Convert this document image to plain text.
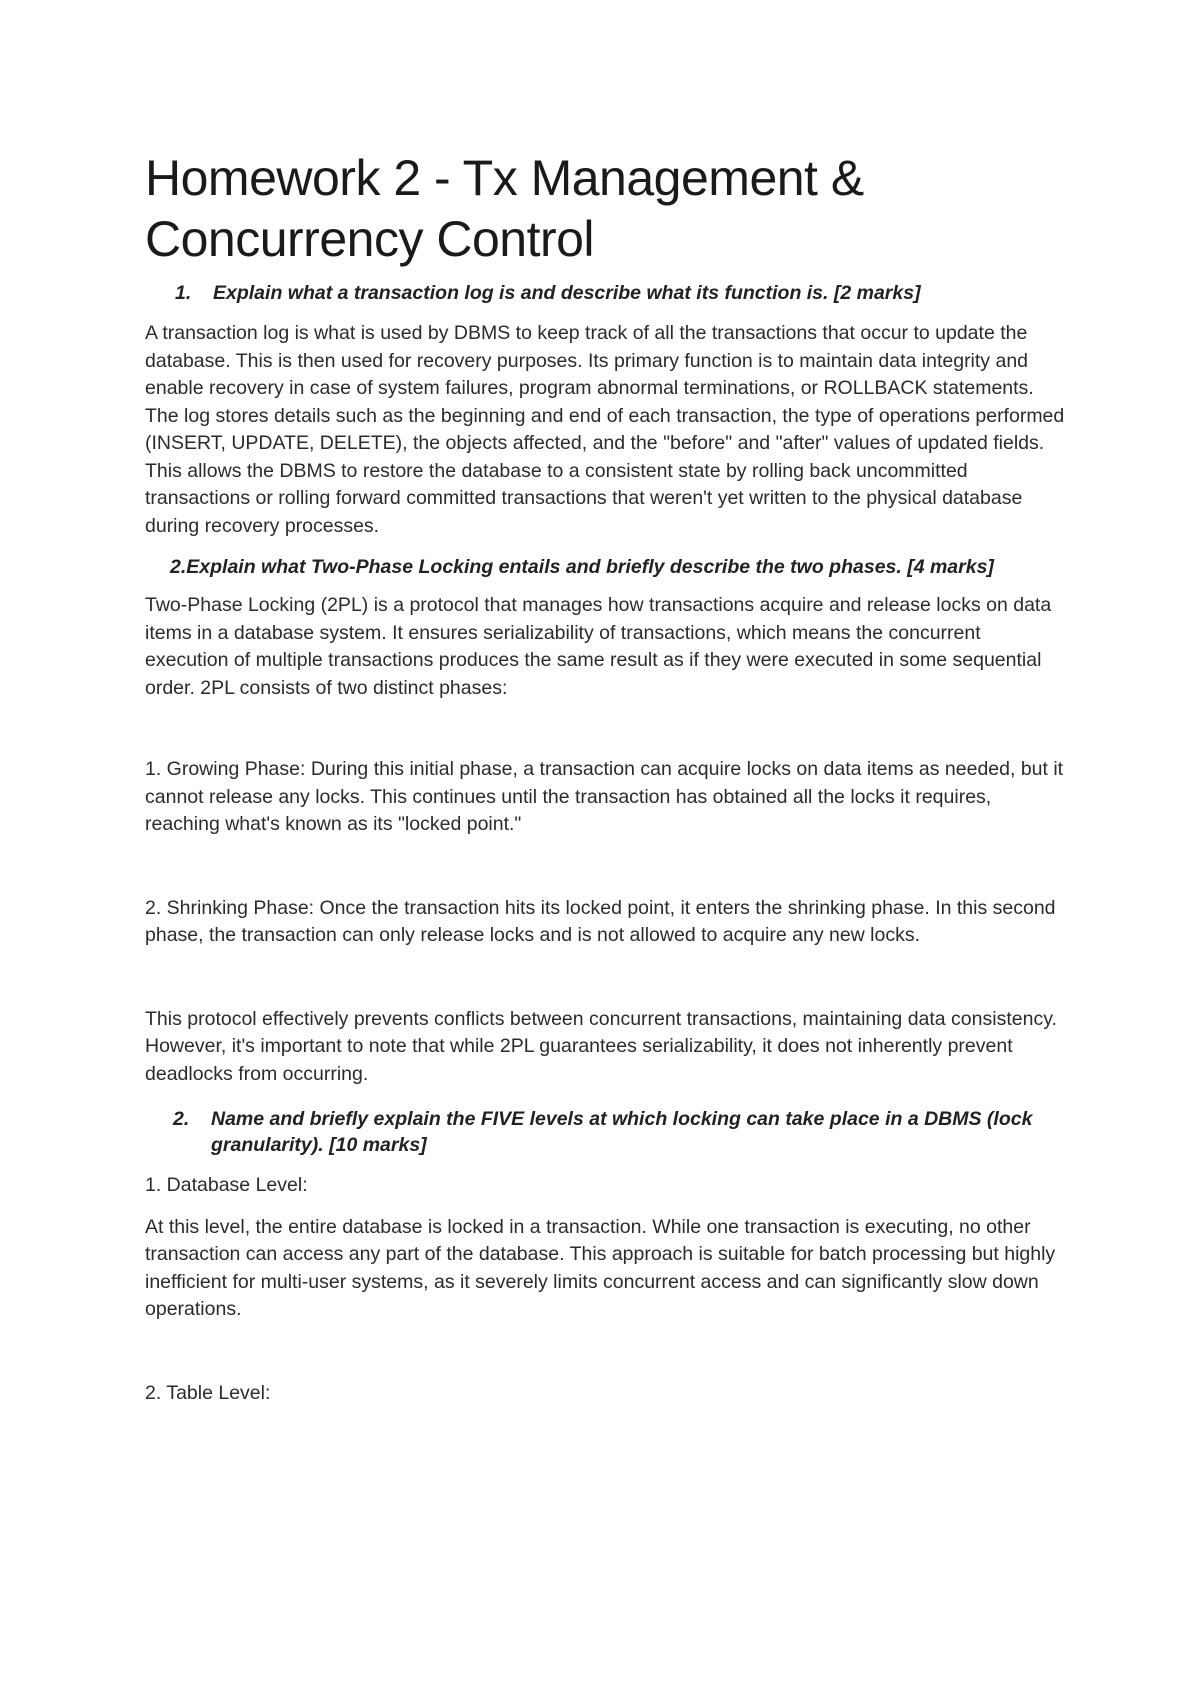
Homework 2 - Tx Management & Concurrency Control
1. Explain what a transaction log is and describe what its function is. [2 marks]

A transaction log is what is used by DBMS to keep track of all the transactions that occur to update the database. This is then used for recovery purposes. Its primary function is to maintain data integrity and enable recovery in case of system failures, program abnormal terminations, or ROLLBACK statements. The log stores details such as the beginning and end of each transaction, the type of operations performed (INSERT, UPDATE, DELETE), the objects affected, and the "before" and "after" values of updated fields. This allows the DBMS to restore the database to a consistent state by rolling back uncommitted transactions or rolling forward committed transactions that weren't yet written to the physical database during recovery processes.

2.Explain what Two-Phase Locking entails and briefly describe the two phases. [4 marks]

Two-Phase Locking (2PL) is a protocol that manages how transactions acquire and release locks on data items in a database system. It ensures serializability of transactions, which means the concurrent execution of multiple transactions produces the same result as if they were executed in some sequential order. 2PL consists of two distinct phases:

1. Growing Phase: During this initial phase, a transaction can acquire locks on data items as needed, but it cannot release any locks. This continues until the transaction has obtained all the locks it requires, reaching what's known as its "locked point."

2. Shrinking Phase: Once the transaction hits its locked point, it enters the shrinking phase. In this second phase, the transaction can only release locks and is not allowed to acquire any new locks.

This protocol effectively prevents conflicts between concurrent transactions, maintaining data consistency. However, it's important to note that while 2PL guarantees serializability, it does not inherently prevent deadlocks from occurring.

2. Name and briefly explain the FIVE levels at which locking can take place in a DBMS (lock granularity). [10 marks]

1. Database Level:

At this level, the entire database is locked in a transaction. While one transaction is executing, no other transaction can access any part of the database. This approach is suitable for batch processing but highly inefficient for multi-user systems, as it severely limits concurrent access and can significantly slow down operations.

2. Table Level:
